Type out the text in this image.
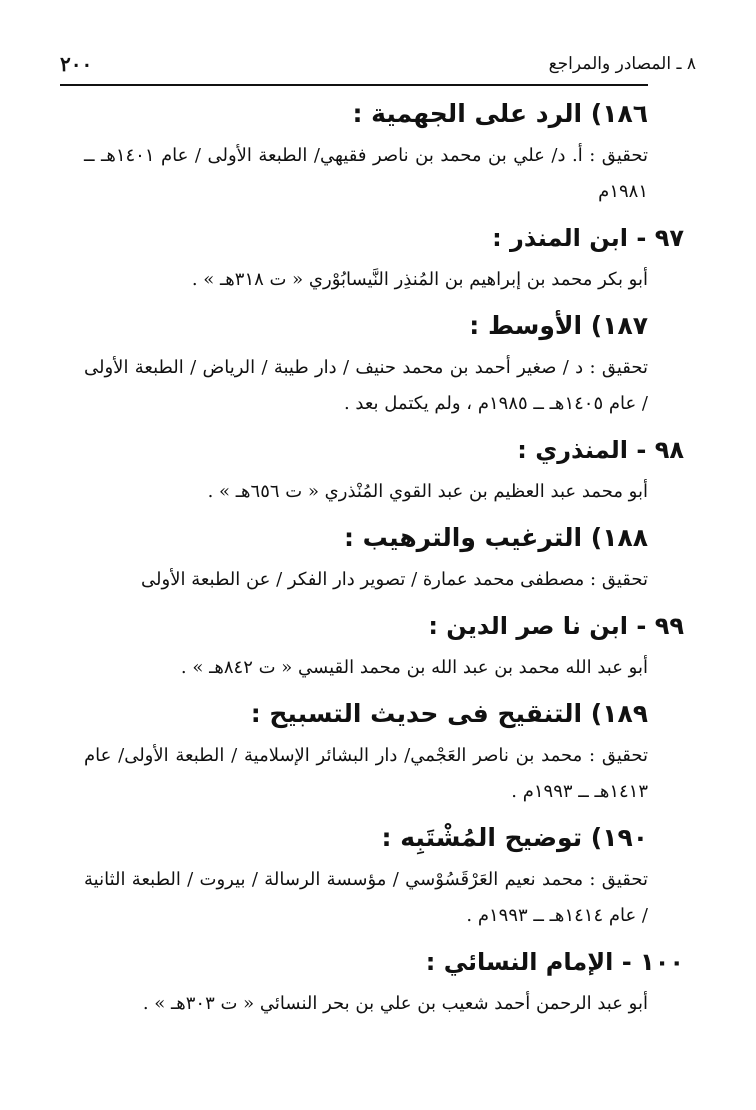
٨ ـ المصادر والمراجع
٢٠٠
١٨٦) الرد على الجهمية :
تحقيق : أ. د/ علي بن محمد بن ناصر فقيهي/ الطبعة الأولى / عام ١٤٠١هـ ــ ١٩٨١م
٩٧ - ابن المنذر :
أبو بكر محمد بن إبراهيم بن المُنذِر النَّيسابُوْري « ت ٣١٨هـ » .
١٨٧) الأوسط :
تحقيق : د / صغير أحمد بن محمد حنيف / دار طيبة / الرياض / الطبعة الأولى / عام ١٤٠٥هـ ــ ١٩٨٥م ، ولم يكتمل بعد .
٩٨ - المنذري :
أبو محمد عبد العظيم بن عبد القوي المُنْذري « ت ٦٥٦هـ » .
١٨٨) الترغيب والترهيب :
تحقيق : مصطفى محمد عمارة / تصوير دار الفكر / عن الطبعة الأولى
٩٩ - ابن نا صر الدين :
أبو عبد الله محمد بن عبد الله بن محمد القيسي « ت ٨٤٢هـ » .
١٨٩) التنقيح فى حديث التسبيح :
تحقيق : محمد بن ناصر العَجْمي/ دار البشائر الإسلامية / الطبعة الأولى/ عام ١٤١٣هـ ــ ١٩٩٣م .
١٩٠) توضيح المُشْتَبِه :
تحقيق : محمد نعيم العَرْقَسُوْسي / مؤسسة الرسالة / بيروت / الطبعة الثانية / عام ١٤١٤هـ ــ ١٩٩٣م .
١٠٠ - الإمام النسائي :
أبو عبد الرحمن أحمد شعيب بن علي بن بحر النسائي « ت ٣٠٣هـ » .
